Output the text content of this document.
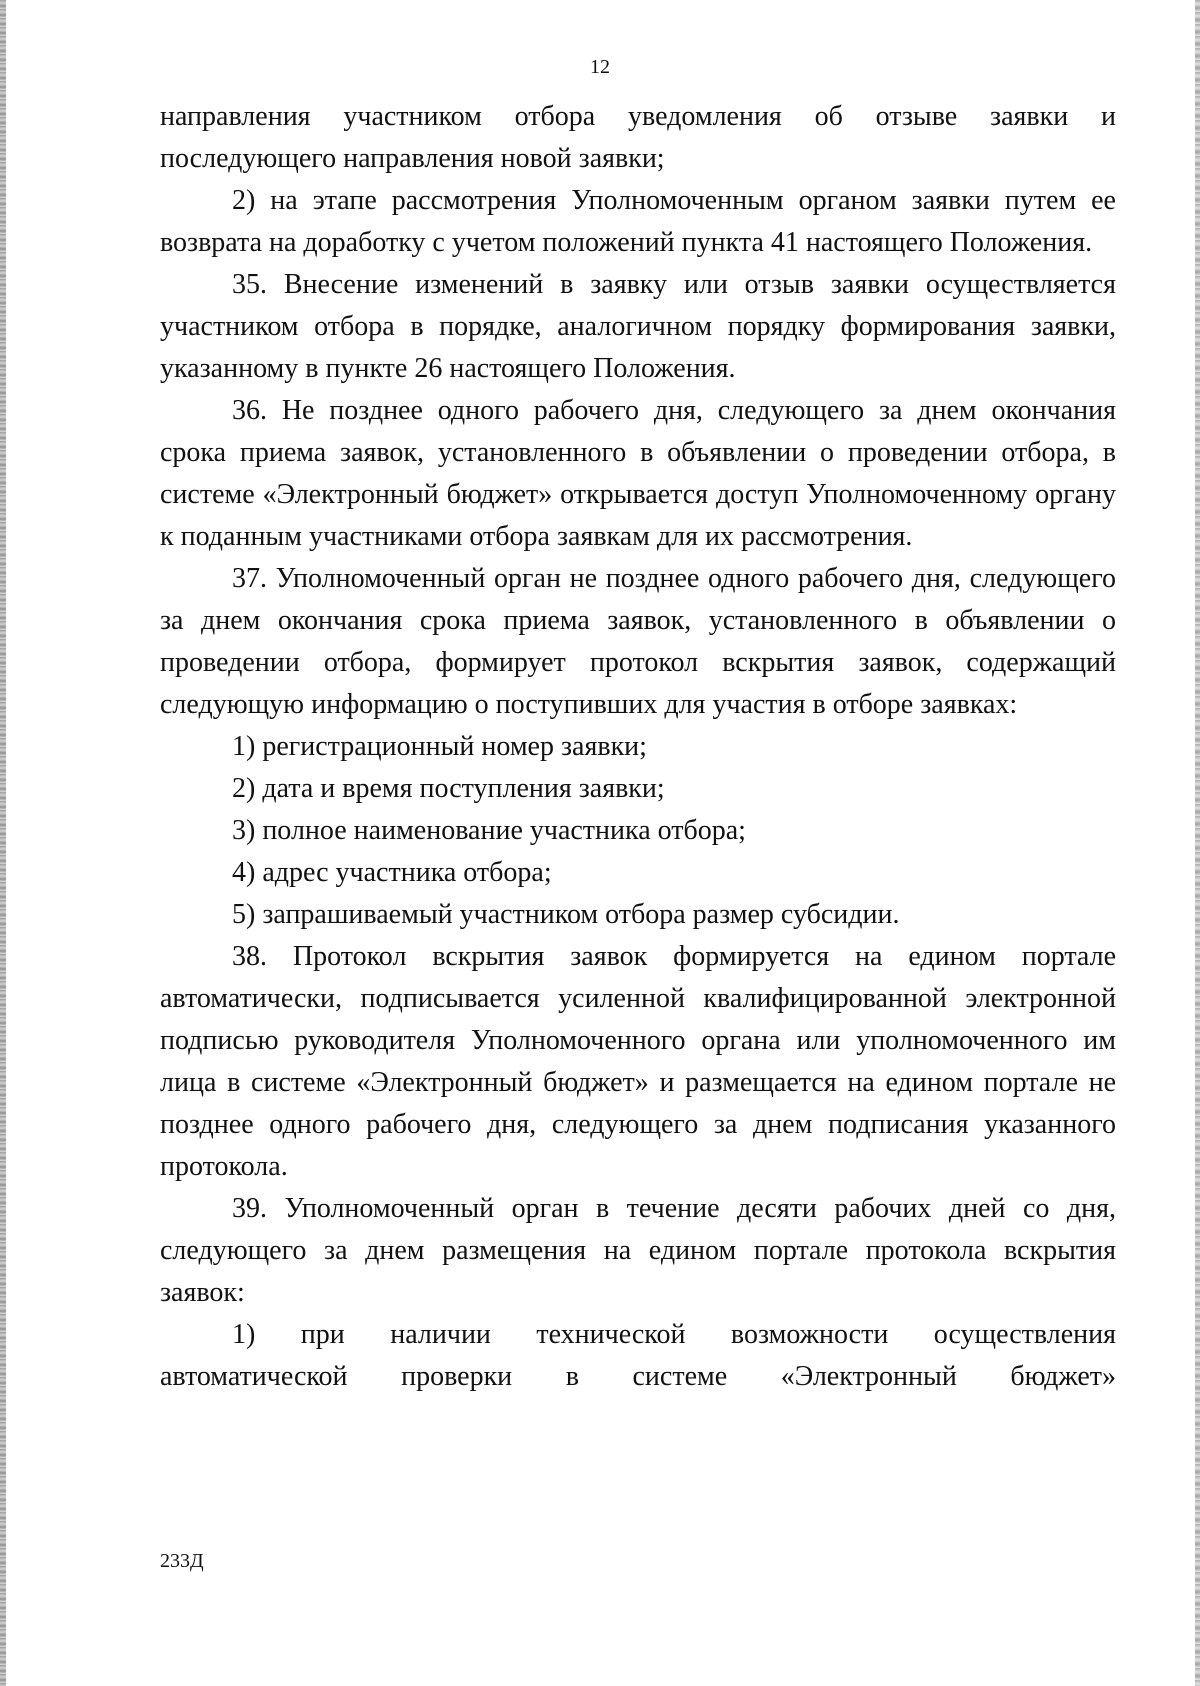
12

направления участником отбора уведомления об отзыве заявки и последующего направления новой заявки;

2) на этапе рассмотрения Уполномоченным органом заявки путем ее возврата на доработку с учетом положений пункта 41 настоящего Положения.

35. Внесение изменений в заявку или отзыв заявки осуществляется участником отбора в порядке, аналогичном порядку формирования заявки, указанному в пункте 26 настоящего Положения.

36. Не позднее одного рабочего дня, следующего за днем окончания срока приема заявок, установленного в объявлении о проведении отбора, в системе «Электронный бюджет» открывается доступ Уполномоченному органу к поданным участниками отбора заявкам для их рассмотрения.

37. Уполномоченный орган не позднее одного рабочего дня, следующего за днем окончания срока приема заявок, установленного в объявлении о проведении отбора, формирует протокол вскрытия заявок, содержащий следующую информацию о поступивших для участия в отборе заявках:

1) регистрационный номер заявки;

2) дата и время поступления заявки;

3) полное наименование участника отбора;

4) адрес участника отбора;

5) запрашиваемый участником отбора размер субсидии.

38. Протокол вскрытия заявок формируется на едином портале автоматически, подписывается усиленной квалифицированной электронной подписью руководителя Уполномоченного органа или уполномоченного им лица в системе «Электронный бюджет» и размещается на едином портале не позднее одного рабочего дня, следующего за днем подписания указанного протокола.

39. Уполномоченный орган в течение десяти рабочих дней со дня, следующего за днем размещения на едином портале протокола вскрытия заявок:

1) при наличии технической возможности осуществления автоматической проверки в системе «Электронный бюджет»

233Д
